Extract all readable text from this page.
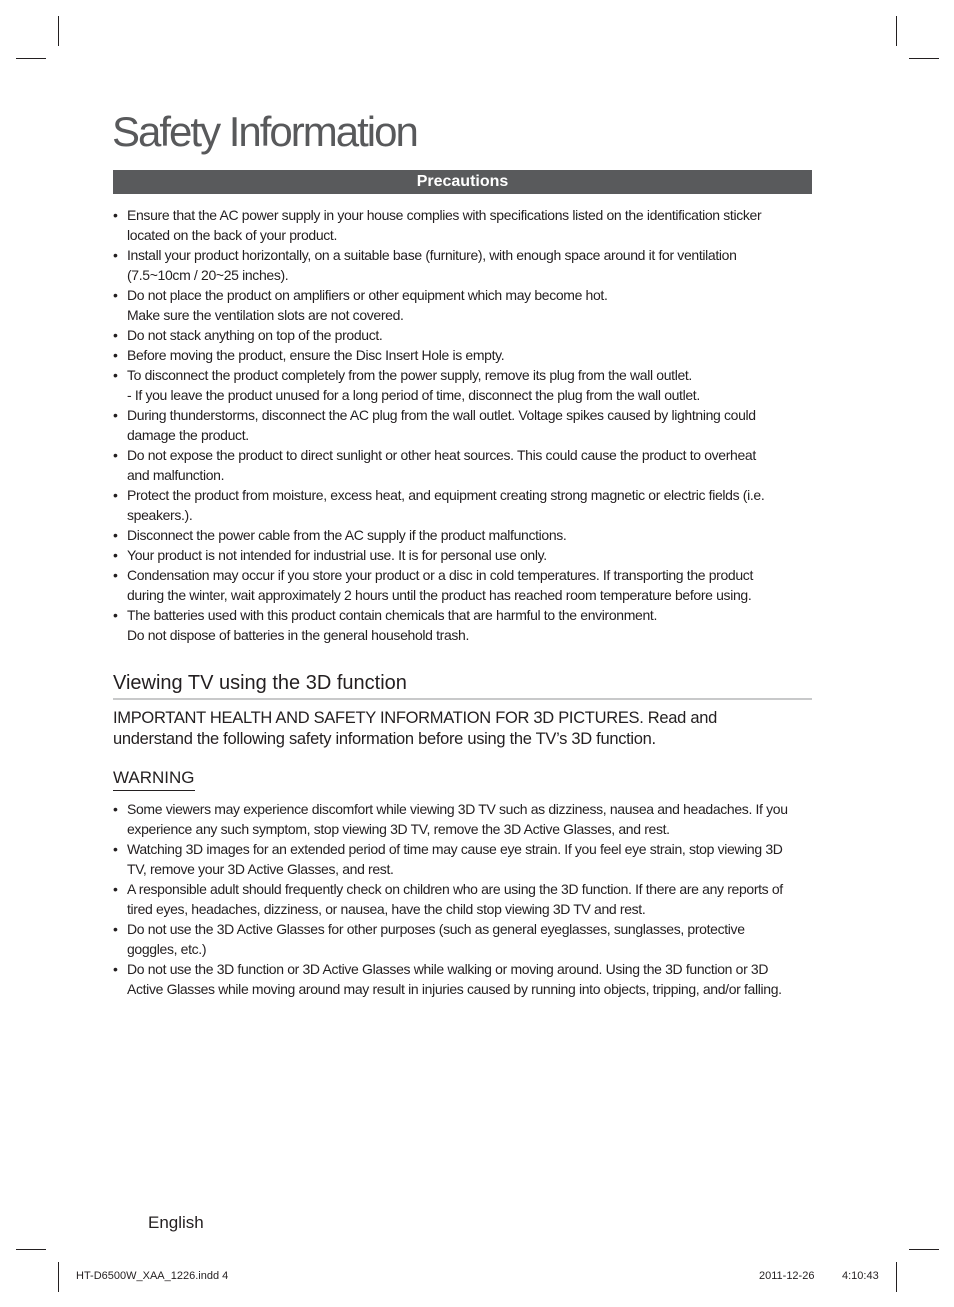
Safety Information
Precautions
• Ensure that the AC power supply in your house complies with specifications listed on the identification sticker
located on the back of your product.
• Install your product horizontally, on a suitable base (furniture), with enough space around it for ventilation
(7.5~10cm / 20~25 inches).
• Do not place the product on amplifiers or other equipment which may become hot.
Make sure the ventilation slots are not covered.
• Do not stack anything on top of the product.
• Before moving the product, ensure the Disc Insert Hole is empty.
• To disconnect the product completely from the power supply, remove its plug from the wall outlet.
- If you leave the product unused for a long period of time, disconnect the plug from the wall outlet.
• During thunderstorms, disconnect the AC plug from the wall outlet. Voltage spikes caused by lightning could
damage the product.
• Do not expose the product to direct sunlight or other heat sources. This could cause the product to overheat
and malfunction.
• Protect the product from moisture, excess heat, and equipment creating strong magnetic or electric fields (i.e.
speakers.).
• Disconnect the power cable from the AC supply if the product malfunctions.
• Your product is not intended for industrial use. It is for personal use only.
• Condensation may occur if you store your product or a disc in cold temperatures. If transporting the product
during the winter, wait approximately 2 hours until the product has reached room temperature before using.
• The batteries used with this product contain chemicals that are harmful to the environment.
Do not dispose of batteries in the general household trash.
Viewing TV using the 3D function
IMPORTANT HEALTH AND SAFETY INFORMATION FOR 3D PICTURES. Read and
understand the following safety information before using the TV’s 3D function.
WARNING
• Some viewers may experience discomfort while viewing 3D TV such as dizziness, nausea and headaches. If you
experience any such symptom, stop viewing 3D TV, remove the 3D Active Glasses, and rest.
• Watching 3D images for an extended period of time may cause eye strain. If you feel eye strain, stop viewing 3D
TV, remove your 3D Active Glasses, and rest.
• A responsible adult should frequently check on children who are using the 3D function. If there are any reports of
tired eyes, headaches, dizziness, or nausea, have the child stop viewing 3D TV and rest.
• Do not use the 3D Active Glasses for other purposes (such as general eyeglasses, sunglasses, protective
goggles, etc.)
• Do not use the 3D function or 3D Active Glasses while walking or moving around. Using the 3D function or 3D
Active Glasses while moving around may result in injuries caused by running into objects, tripping, and/or falling.
English
HT-D6500W_XAA_1226.indd 4	2011-12-26	4:10:43
